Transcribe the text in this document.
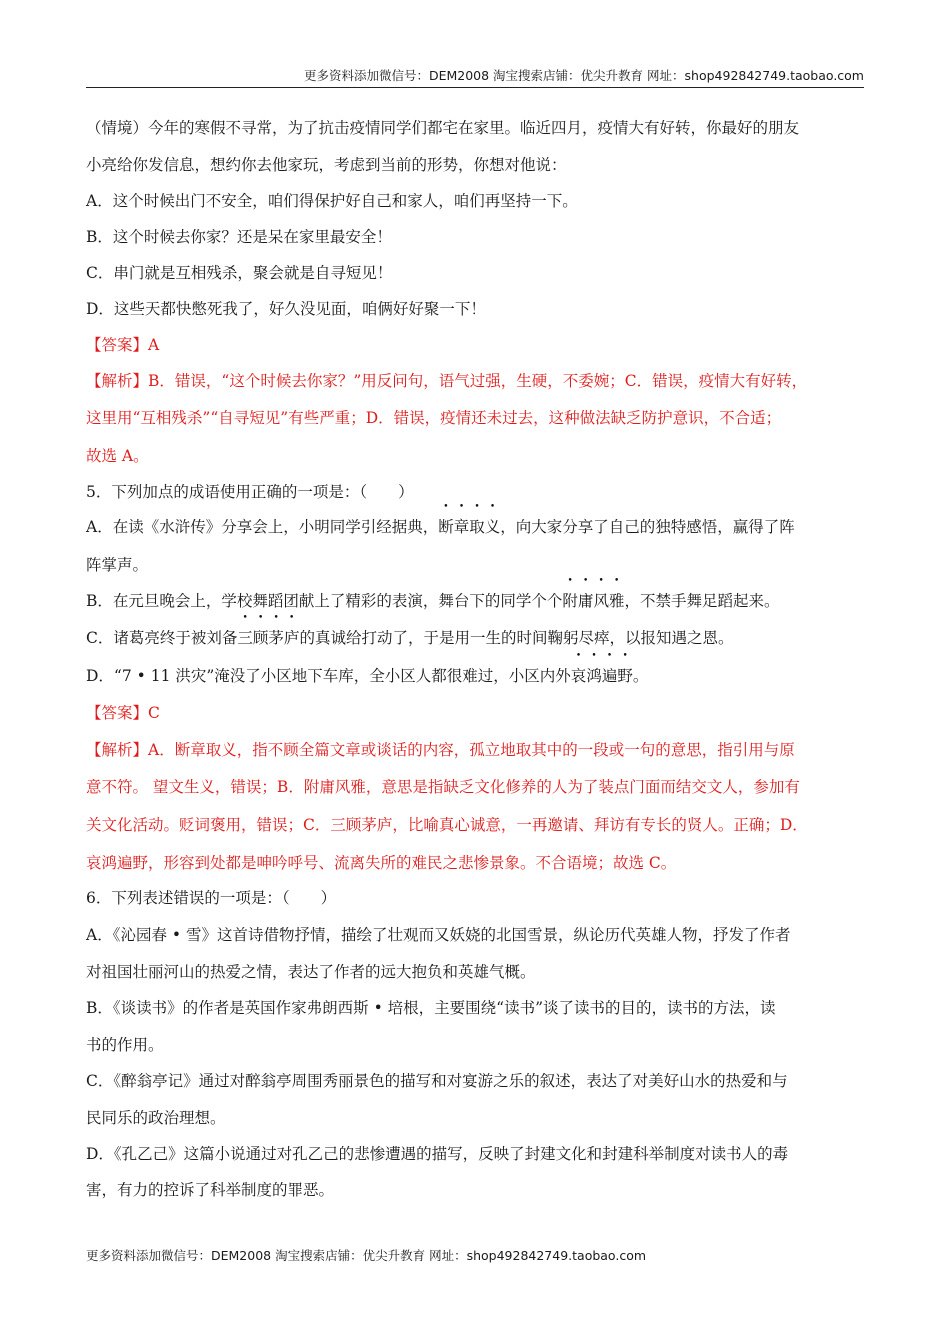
更多资料添加微信号：DEM2008 淘宝搜索店铺：优尖升教育 网址：shop492842749.taobao.com
（情境）今年的寒假不寻常，为了抗击疫情同学们都宅在家里。临近四月，疫情大有好转，你最好的朋友
小亮给你发信息，想约你去他家玩，考虑到当前的形势，你想对他说：
A．这个时候出门不安全，咱们得保护好自己和家人，咱们再坚持一下。
B．这个时候去你家？还是呆在家里最安全！
C．串门就是互相残杀，聚会就是自寻短见！
D．这些天都快憋死我了，好久没见面，咱俩好好聚一下！
【答案】A
【解析】B．错误，“这个时候去你家？”用反问句，语气过强，生硬，不委婉；C．错误，疫情大有好转，
这里用“互相残杀”“自寻短见”有些严重；D．错误，疫情还未过去，这种做法缺乏防护意识，不合适；
故选 A。
5．下列加点的成语使用正确的一项是：（　　）
A．在读《水浒传》分享会上，小明同学引经据典，断章取义，向大家分享了自己的独特感悟，赢得了阵
阵掌声。
B．在元旦晚会上，学校舞蹈团献上了精彩的表演，舞台下的同学个个附庸风雅，不禁手舞足蹈起来。
C．诸葛亮终于被刘备三顾茅庐的真诚给打动了，于是用一生的时间鞠躬尽瘁，以报知遇之恩。
D．“7 • 11 洪灾”淹没了小区地下车库，全小区人都很难过，小区内外哀鸿遍野。
【答案】C
【解析】A．断章取义，指不顾全篇文章或谈话的内容，孤立地取其中的一段或一句的意思，指引用与原
意不符。 望文生义，错误；B．附庸风雅，意思是指缺乏文化修养的人为了装点门面而结交文人，参加有
关文化活动。贬词褒用，错误；C．三顾茅庐，比喻真心诚意，一再邀请、拜访有专长的贤人。正确；D．
哀鸿遍野，形容到处都是呻吟呼号、流离失所的难民之悲惨景象。不合语境；故选 C。
6．下列表述错误的一项是：（　　）
A．《沁园春 • 雪》这首诗借物抒情，描绘了壮观而又妖娆的北国雪景，纵论历代英雄人物，抒发了作者
对祖国壮丽河山的热爱之情，表达了作者的远大抱负和英雄气概。
B．《谈读书》的作者是英国作家弗朗西斯 • 培根，主要围绕“读书”谈了读书的目的，读书的方法，读
书的作用。
C．《醉翁亭记》通过对醉翁亭周围秀丽景色的描写和对宴游之乐的叙述，表达了对美好山水的热爱和与
民同乐的政治理想。
D．《孔乙己》这篇小说通过对孔乙己的悲惨遭遇的描写，反映了封建文化和封建科举制度对读书人的毒
害，有力的控诉了科举制度的罪恶。
更多资料添加微信号：DEM2008 淘宝搜索店铺：优尖升教育 网址：shop492842749.taobao.com
